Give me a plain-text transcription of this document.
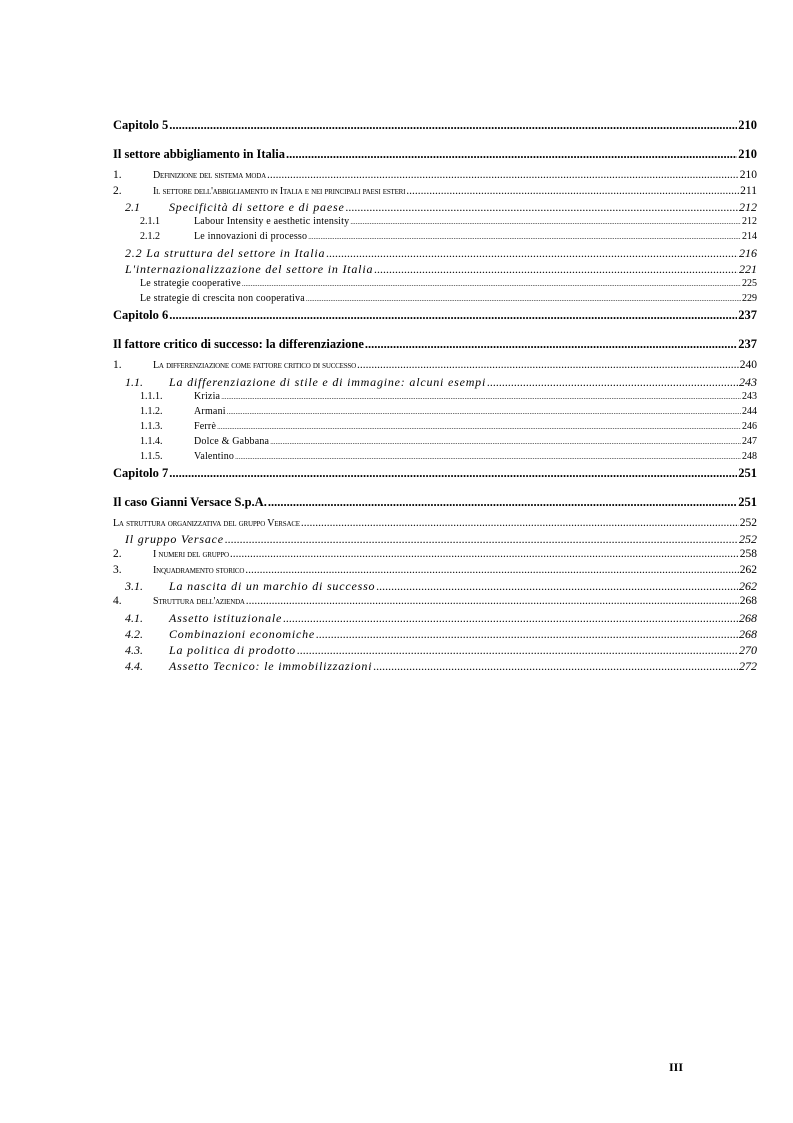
Capitolo 5 .....	210
Il settore abbigliamento in Italia .....	210
1.	Definizione del sistema moda .....	210
2.	Il settore dell'abbigliamento in Italia e nei principali paesi esteri .....	211
2.1	Specificità di settore e di paese .....	212
2.1.1	Labour Intensity e aesthetic intensity .....	212
2.1.2	Le innovazioni di processo .....	214
2.2 La struttura del settore in Italia .....	216
L'internazionalizzazione del settore in Italia .....	221
Le strategie cooperative .....	225
Le strategie di crescita non cooperativa .....	229
Capitolo 6 .....	237
Il fattore critico di successo: la differenziazione .....	237
1.	La differenziazione come fattore critico di successo .....	240
1.1.	La differenziazione di stile e di immagine: alcuni esempi .....	243
1.1.1.	Krizia .....	243
1.1.2.	Armani .....	244
1.1.3.	Ferrè .....	246
1.1.4.	Dolce & Gabbana .....	247
1.1.5.	Valentino .....	248
Capitolo 7 .....	251
Il caso Gianni Versace S.p.A. .....	251
La struttura organizzativa del gruppo Versace .....	252
Il gruppo Versace .....	252
2.	I numeri del gruppo .....	258
3.	Inquadramento storico .....	262
3.1.	La nascita di un marchio di successo .....	262
4.	Struttura dell'azienda .....	268
4.1.	Assetto istituzionale .....	268
4.2.	Combinazioni economiche .....	268
4.3.	La politica di prodotto .....	270
4.4.	Assetto Tecnico: le immobilizzazioni .....	272
III
